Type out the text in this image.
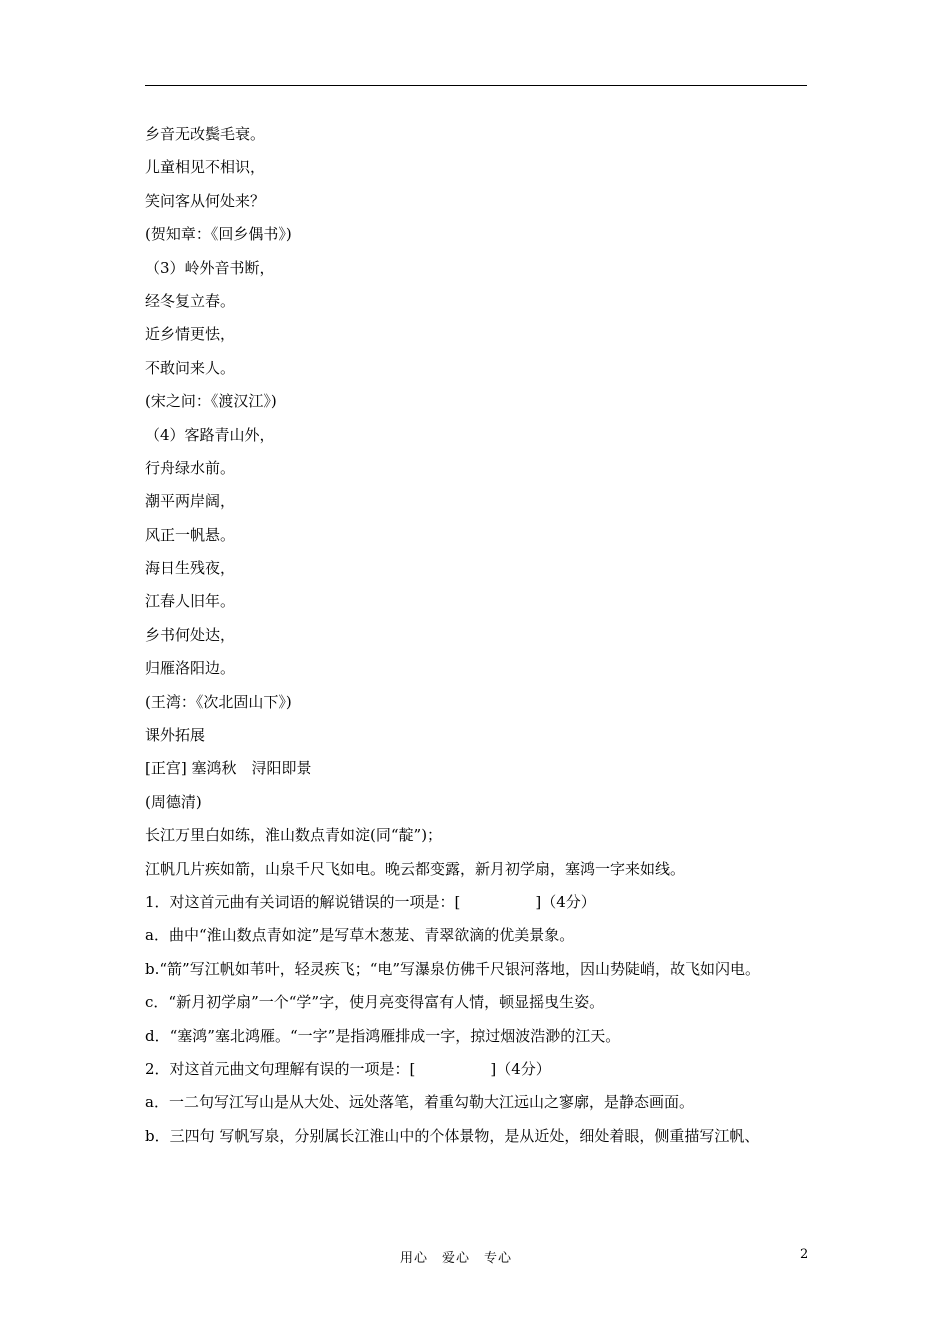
乡音无改鬓毛衰。
儿童相见不相识，
笑问客从何处来？
(贺知章：《回乡偶书》)
（3）岭外音书断，
经冬复立春。
近乡情更怯，
不敢问来人。
(宋之问：《渡汉江》)
（4）客路青山外，
行舟绿水前。
潮平两岸阔，
风正一帆悬。
海日生残夜，
江春人旧年。
乡书何处达，
归雁洛阳边。
(王湾：《次北固山下》)
课外拓展
[正宫] 塞鸿秋　浔阳即景
(周德清)
长江万里白如练，淮山数点青如淀(同“靛”)；
江帆几片疾如箭，山泉千尺飞如电。晚云都变露，新月初学扇，塞鸿一字来如线。
1．对这首元曲有关词语的解说错误的一项是：[　　　　　]（4分）
a．曲中“淮山数点青如淀”是写草木葱茏、青翠欲滴的优美景象。
b.“箭”写江帆如苇叶，轻灵疾飞；“电”写瀑泉仿佛千尺银河落地，因山势陡峭，故飞如闪电。
c．“新月初学扇”一个“学”字，使月亮变得富有人情，顿显摇曳生姿。
d．“塞鸿”塞北鸿雁。“一字”是指鸿雁排成一字，掠过烟波浩渺的江天。
2．对这首元曲文句理解有误的一项是：[　　　　　]（4分）
a．一二句写江写山是从大处、远处落笔，着重勾勒大江远山之寥廓，是静态画面。
b．三四句 写帆写泉，分别属长江淮山中的个体景物，是从近处，细处着眼，侧重描写江帆、
用心　爱心　专心	2
